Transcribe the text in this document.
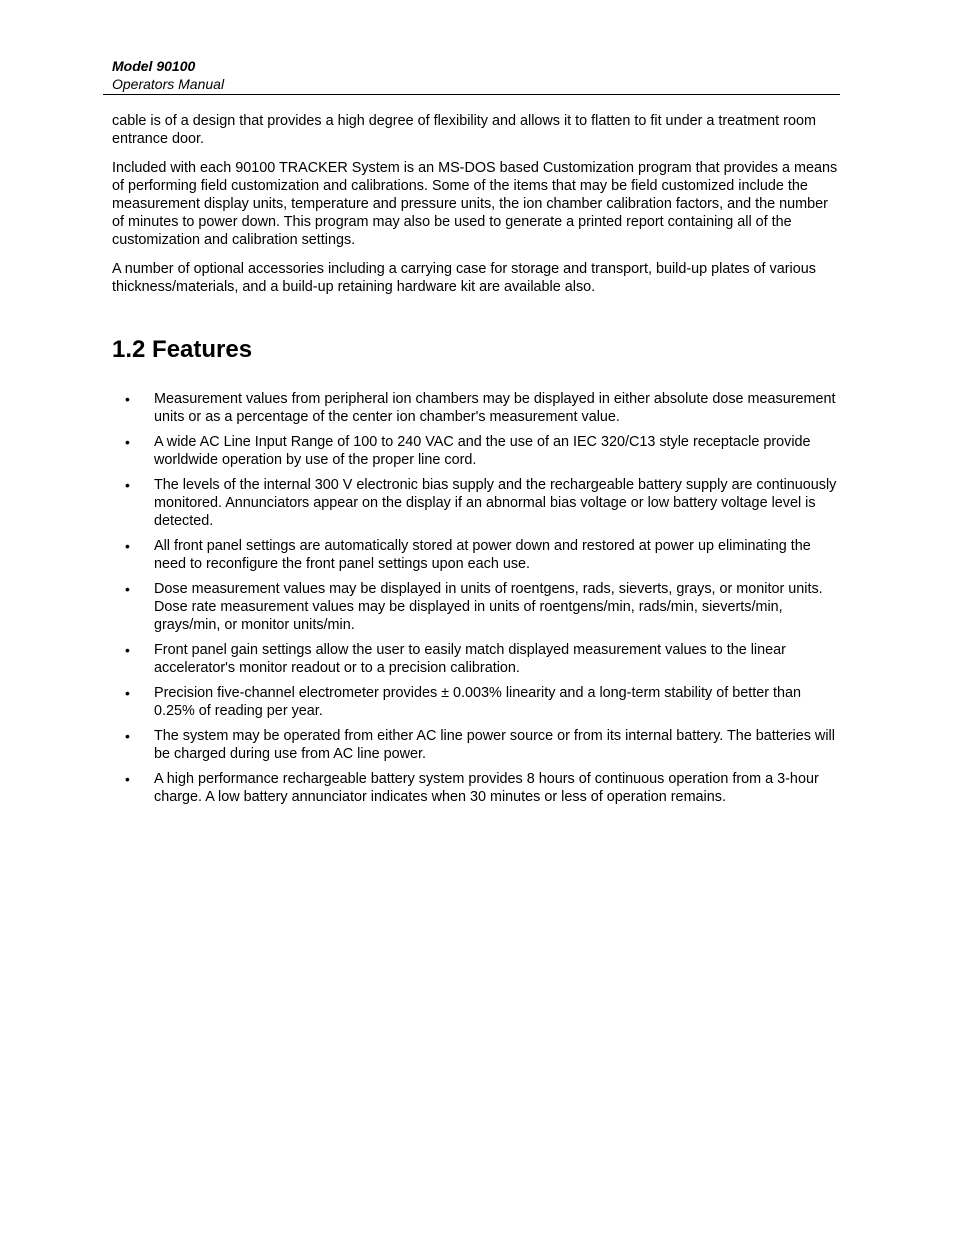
Model 90100
Operators Manual

cable is of a design that provides a high degree of flexibility and allows it to flatten to fit under a treatment room entrance door.

Included with each 90100 TRACKER System is an MS-DOS based Customization program that provides a means of performing field customization and calibrations. Some of the items that may be field customized include the measurement display units, temperature and pressure units, the ion chamber calibration factors, and the number of minutes to power down. This program may also be used to generate a printed report containing all of the customization and calibration settings.

A number of optional accessories including a carrying case for storage and transport, build-up plates of various thickness/materials, and a build-up retaining hardware kit are available also.

1.2 Features
• Measurement values from peripheral ion chambers may be displayed in either absolute dose measurement units or as a percentage of the center ion chamber's measurement value.
• A wide AC Line Input Range of 100 to 240 VAC and the use of an IEC 320/C13 style receptacle provide worldwide operation by use of the proper line cord.
• The levels of the internal 300 V electronic bias supply and the rechargeable battery supply are continuously monitored. Annunciators appear on the display if an abnormal bias voltage or low battery voltage level is detected.
• All front panel settings are automatically stored at power down and restored at power up eliminating the need to reconfigure the front panel settings upon each use.
• Dose measurement values may be displayed in units of roentgens, rads, sieverts, grays, or monitor units. Dose rate measurement values may be displayed in units of roentgens/min, rads/min, sieverts/min, grays/min, or monitor units/min.
• Front panel gain settings allow the user to easily match displayed measurement values to the linear accelerator's monitor readout or to a precision calibration.
• Precision five-channel electrometer provides ± 0.003% linearity and a long-term stability of better than 0.25% of reading per year.
• The system may be operated from either AC line power source or from its internal battery. The batteries will be charged during use from AC line power.
• A high performance rechargeable battery system provides 8 hours of continuous operation from a 3-hour charge. A low battery annunciator indicates when 30 minutes or less of operation remains.
